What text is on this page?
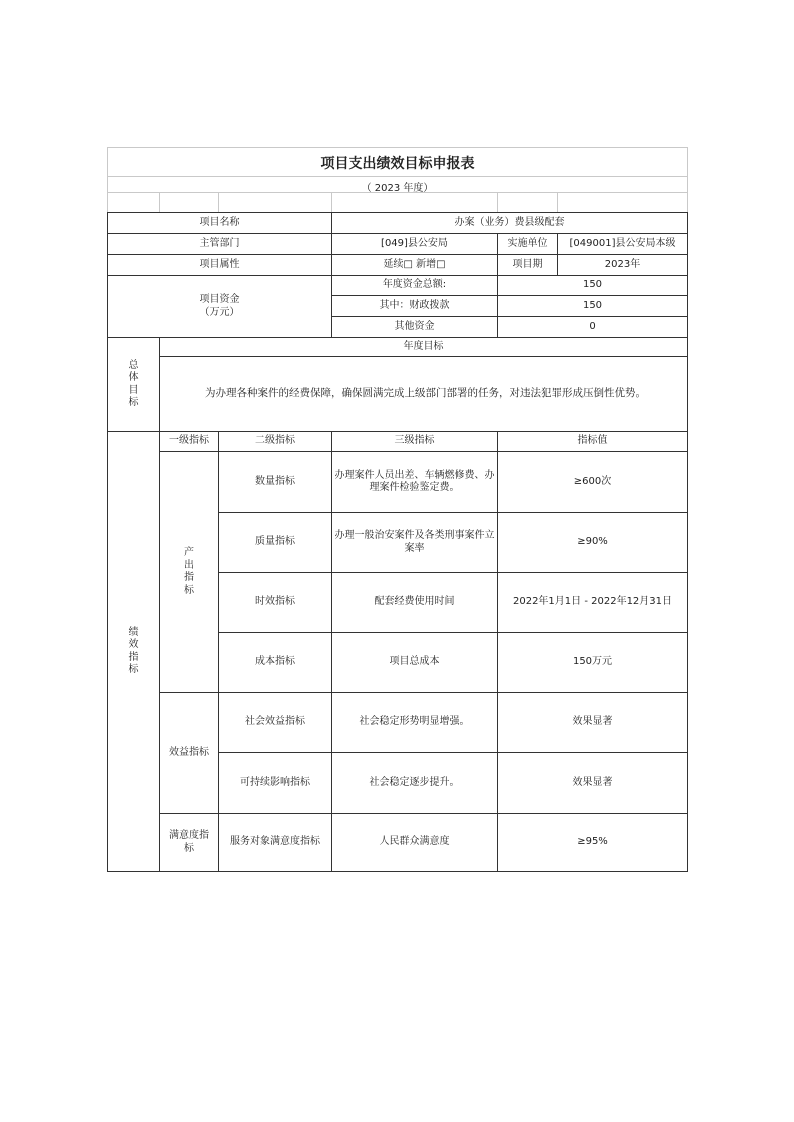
项目支出绩效目标申报表
（ 2023 年度）
项目名称			办案（业务）费县级配套		
主管部门			[049]县公安局	实施单位	[049001]县公安局本级
项目属性			延续□ 新增□	项目期	2023年

项目资金
（万元）			年度资金总额:	150	
			其中：财政拨款	150	
			其他资金	0	

总
体
目
标	年度目标				
	为办理各种案件的经费保障，确保圆满完成上级部门部署的任务，对违法犯罪形成压倒性优势。				

绩
效
指
标	一级指标	二级指标	三级指标	指标值	

	产
出
指
标	数量指标	办理案件人员出差、车辆燃修费、办理案件检验鉴定费。	≥600次	
		质量指标	办理一般治安案件及各类刑事案件立案率	≥90%	
		时效指标	配套经费使用时间	2022年1月1日 - 2022年12月31日	
		成本指标	项目总成本	150万元	
	效益指标	社会效益指标	社会稳定形势明显增强。	效果显著	
		可持续影响指标	社会稳定逐步提升。	效果显著	

	满意度指
标	服务对象满意度指标	人民群众满意度	≥95%	
